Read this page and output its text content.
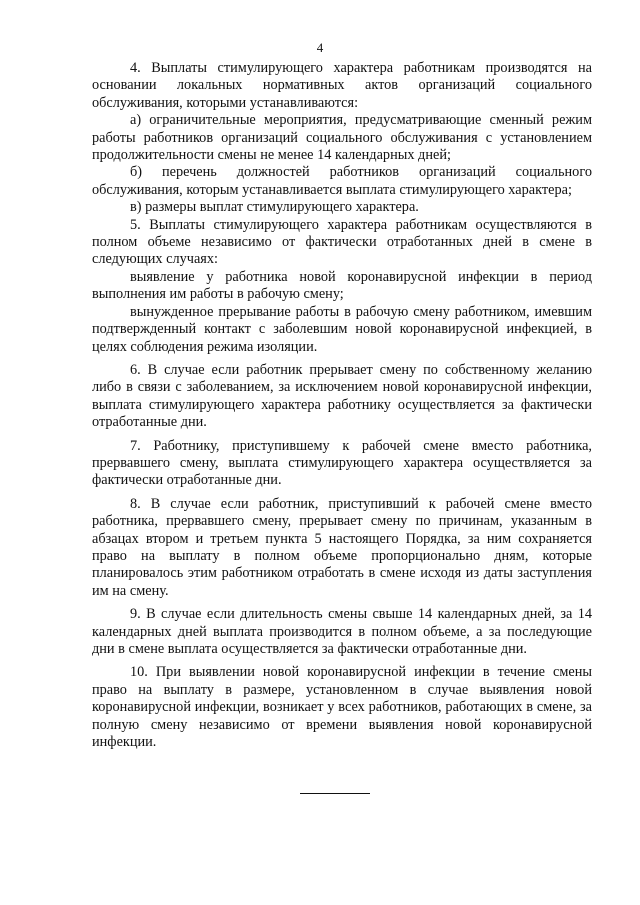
4

4. Выплаты стимулирующего характера работникам производятся на основании локальных нормативных актов организаций социального обслуживания, которыми устанавливаются:

а) ограничительные мероприятия, предусматривающие сменный режим работы работников организаций социального обслуживания с установлением продолжительности смены не менее 14 календарных дней;

б) перечень должностей работников организаций социального обслуживания, которым устанавливается выплата стимулирующего характера;

в) размеры выплат стимулирующего характера.

5. Выплаты стимулирующего характера работникам осуществляются в полном объеме независимо от фактически отработанных дней в смене в следующих случаях:

выявление у работника новой коронавирусной инфекции в период выполнения им работы в рабочую смену;

вынужденное прерывание работы в рабочую смену работником, имевшим подтвержденный контакт с заболевшим новой коронавирусной инфекцией, в целях соблюдения режима изоляции.

6. В случае если работник прерывает смену по собственному желанию либо в связи с заболеванием, за исключением новой коронавирусной инфекции, выплата стимулирующего характера работнику осуществляется за фактически отработанные дни.

7. Работнику, приступившему к рабочей смене вместо работника, прервавшего смену, выплата стимулирующего характера осуществляется за фактически отработанные дни.

8. В случае если работник, приступивший к рабочей смене вместо работника, прервавшего смену, прерывает смену по причинам, указанным в абзацах втором и третьем пункта 5 настоящего Порядка, за ним сохраняется право на выплату в полном объеме пропорционально дням, которые планировалось этим работником отработать в смене исходя из даты заступления им на смену.

9. В случае если длительность смены свыше 14 календарных дней, за 14 календарных дней выплата производится в полном объеме, а за последующие дни в смене выплата осуществляется за фактически отработанные дни.

10. При выявлении новой коронавирусной инфекции в течение смены право на выплату в размере, установленном в случае выявления новой коронавирусной инфекции, возникает у всех работников, работающих в смене, за полную смену независимо от времени выявления новой коронавирусной инфекции.
